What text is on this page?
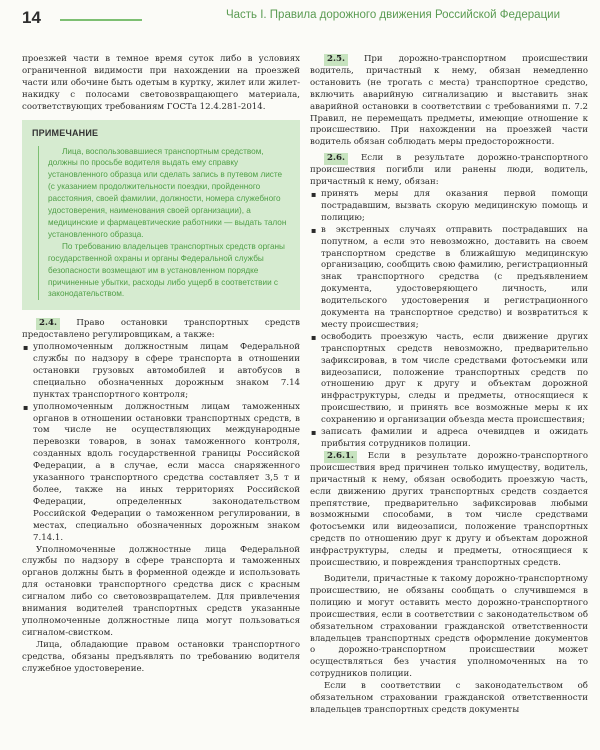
14	Часть I. Правила дорожного движения Российской Федерации

проезжей части в темное время суток либо в условиях ограниченной видимости при нахождении на проезжей части или обочине быть одетым в куртку, жилет или жилет-накидку с полосами световозвращающего материала, соответствующих требованиям ГОСТа 12.4.281-2014.

ПРИМЕЧАНИЕ

Лица, воспользовавшиеся транспортным средством, должны по просьбе водителя выдать ему справку установленного образца или сделать запись в путевом листе (с указанием продолжительности поездки, пройденного расстояния, своей фамилии, должности, номера служебного удостоверения, наименования своей организации), а медицинские и фармацевтические работники — выдать талон установленного образца.

По требованию владельцев транспортных средств органы государственной охраны и органы Федеральной службы безопасности возмещают им в установленном порядке причиненные убытки, расходы либо ущерб в соответствии с законодательством.

2.4. Право остановки транспортных средств предоставлено регулировщикам, а также:

▪ уполномоченным должностным лицам Федеральной службы по надзору в сфере транспорта в отношении остановки грузовых автомобилей и автобусов в специально обозначенных дорожным знаком 7.14 пунктах транспортного контроля;
▪ уполномоченным должностным лицам таможенных органов в отношении остановки транспортных средств, в том числе не осуществляющих международные перевозки товаров, в зонах таможенного контроля, созданных вдоль государственной границы Российской Федерации, а в случае, если масса снаряженного указанного транспортного средства составляет 3,5 т и более, также на иных территориях Российской Федерации, определенных законодательством Российской Федерации о таможенном регулировании, в местах, специально обозначенных дорожным знаком 7.14.1.

Уполномоченные должностные лица Федеральной службы по надзору в сфере транспорта и таможенных органов должны быть в форменной одежде и использовать для остановки транспортного средства диск с красным сигналом либо со световозвращателем. Для привлечения внимания водителей транспортных средств указанные уполномоченные должностные лица могут пользоваться сигналом-свистком.

Лица, обладающие правом остановки транспортного средства, обязаны предъявлять по требованию водителя служебное удостоверение.

2.5. При дорожно-транспортном происшествии водитель, причастный к нему, обязан немедленно остановить (не трогать с места) транспортное средство, включить аварийную сигнализацию и выставить знак аварийной остановки в соответствии с требованиями п. 7.2 Правил, не перемещать предметы, имеющие отношение к происшествию. При нахождении на проезжей части водитель обязан соблюдать меры предосторожности.

2.6. Если в результате дорожно-транспортного происшествия погибли или ранены люди, водитель, причастный к нему, обязан:

▪ принять меры для оказания первой помощи пострадавшим, вызвать скорую медицинскую помощь и полицию;
▪ в экстренных случаях отправить пострадавших на попутном, а если это невозможно, доставить на своем транспортном средстве в ближайшую медицинскую организацию, сообщить свою фамилию, регистрационный знак транспортного средства (с предъявлением документа, удостоверяющего личность, или водительского удостоверения и регистрационного документа на транспортное средство) и возвратиться к месту происшествия;
▪ освободить проезжую часть, если движение других транспортных средств невозможно, предварительно зафиксировав, в том числе средствами фотосъемки или видеозаписи, положение транспортных средств по отношению друг к другу и объектам дорожной инфраструктуры, следы и предметы, относящиеся к происшествию, и принять все возможные меры к их сохранению и организации объезда места происшествия;
▪ записать фамилии и адреса очевидцев и ожидать прибытия сотрудников полиции.

2.6.1. Если в результате дорожно-транспортного происшествия вред причинен только имуществу, водитель, причастный к нему, обязан освободить проезжую часть, если движению других транспортных средств создается препятствие, предварительно зафиксировав любыми возможными способами, в том числе средствами фотосъемки или видеозаписи, положение транспортных средств по отношению друг к другу и объектам дорожной инфраструктуры, следы и предметы, относящиеся к происшествию, и повреждения транспортных средств.

Водители, причастные к такому дорожно-транспортному происшествию, не обязаны сообщать о случившемся в полицию и могут оставить место дорожно-транспортного происшествия, если в соответствии с законодательством об обязательном страховании гражданской ответственности владельцев транспортных средств оформление документов о дорожно-транспортном происшествии может осуществляться без участия уполномоченных на то сотрудников полиции.

Если в соответствии с законодательством об обязательном страховании гражданской ответственности владельцев транспортных средств документы
